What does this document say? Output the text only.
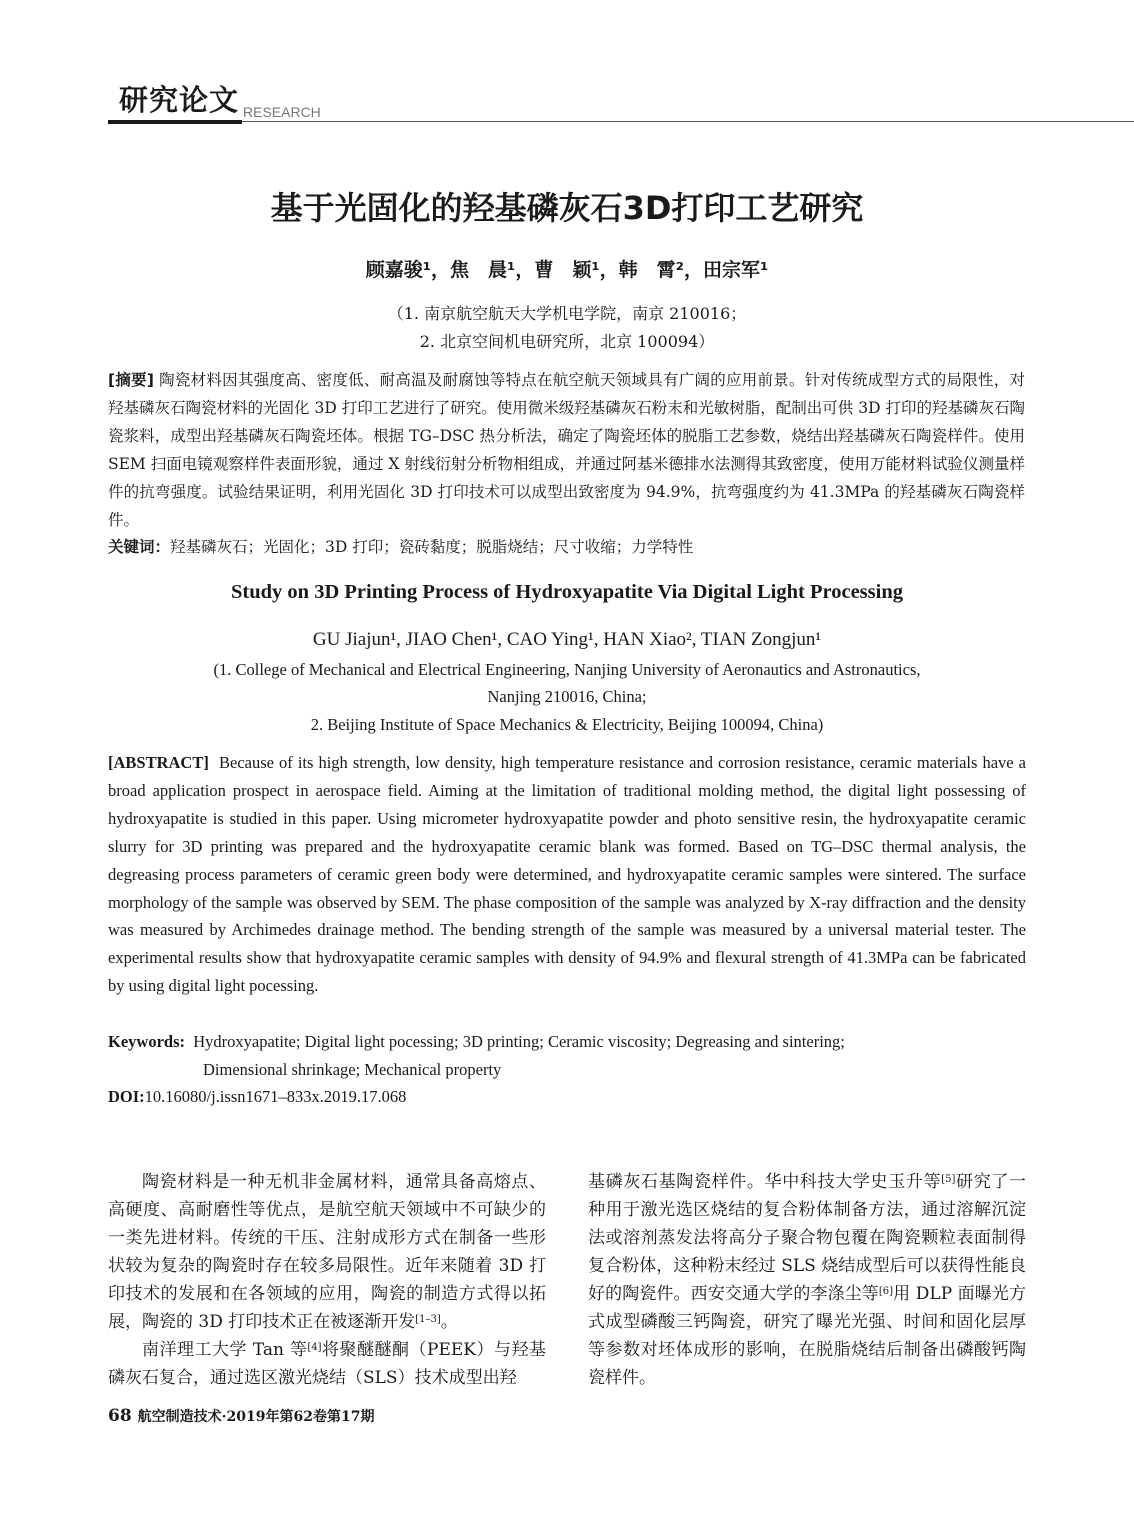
研究论文 RESEARCH
基于光固化的羟基磷灰石3D打印工艺研究
顾嘉骏¹，焦　晨¹，曹　颖¹，韩　霄²，田宗军¹
（1. 南京航空航天大学机电学院，南京 210016；
2. 北京空间机电研究所，北京 100094）
[摘要] 陶瓷材料因其强度高、密度低、耐高温及耐腐蚀等特点在航空航天领域具有广阔的应用前景。针对传统成型方式的局限性，对羟基磷灰石陶瓷材料的光固化 3D 打印工艺进行了研究。使用微米级羟基磷灰石粉末和光敏树脂，配制出可供 3D 打印的羟基磷灰石陶瓷浆料，成型出羟基磷灰石陶瓷坯体。根据 TG–DSC 热分析法，确定了陶瓷坯体的脱脂工艺参数，烧结出羟基磷灰石陶瓷样件。使用 SEM 扫面电镜观察样件表面形貌，通过 X 射线衍射分析物相组成，并通过阿基米德排水法测得其致密度，使用万能材料试验仪测量样件的抗弯强度。试验结果证明，利用光固化 3D 打印技术可以成型出致密度为 94.9%，抗弯强度约为 41.3MPa 的羟基磷灰石陶瓷样件。
关键词：羟基磷灰石；光固化；3D 打印；瓷砖黏度；脱脂烧结；尺寸收缩；力学特性
Study on 3D Printing Process of Hydroxyapatite Via Digital Light Processing
GU Jiajun¹, JIAO Chen¹, CAO Ying¹, HAN Xiao², TIAN Zongjun¹
(1. College of Mechanical and Electrical Engineering, Nanjing University of Aeronautics and Astronautics,
Nanjing 210016, China;
2. Beijing Institute of Space Mechanics & Electricity, Beijing 100094, China)
[ABSTRACT] Because of its high strength, low density, high temperature resistance and corrosion resistance, ceramic materials have a broad application prospect in aerospace field. Aiming at the limitation of traditional molding method, the digital light possessing of hydroxyapatite is studied in this paper. Using micrometer hydroxyapatite powder and photo sensitive resin, the hydroxyapatite ceramic slurry for 3D printing was prepared and the hydroxyapatite ceramic blank was formed. Based on TG–DSC thermal analysis, the degreasing process parameters of ceramic green body were determined, and hydroxyapatite ceramic samples were sintered. The surface morphology of the sample was observed by SEM. The phase composition of the sample was analyzed by X-ray diffraction and the density was measured by Archimedes drainage method. The bending strength of the sample was measured by a universal material tester. The experimental results show that hydroxyapatite ceramic samples with density of 94.9% and flexural strength of 41.3MPa can be fabricated by using digital light pocessing.
Keywords: Hydroxyapatite; Digital light pocessing; 3D printing; Ceramic viscosity; Degreasing and sintering;
Dimensional shrinkage; Mechanical property
DOI:10.16080/j.issn1671–833x.2019.17.068

陶瓷材料是一种无机非金属材料，通常具备高熔点、高硬度、高耐磨性等优点，是航空航天领域中不可缺少的一类先进材料。传统的干压、注射成形方式在制备一些形状较为复杂的陶瓷时存在较多局限性。近年来随着 3D 打印技术的发展和在各领域的应用，陶瓷的制造方式得以拓展，陶瓷的 3D 打印技术正在被逐渐开发[1–3]。

南洋理工大学 Tan 等[4]将聚醚醚酮（PEEK）与羟基磷灰石复合，通过选区激光烧结（SLS）技术成型出羟

基磷灰石基陶瓷样件。华中科技大学史玉升等[5]研究了一种用于激光选区烧结的复合粉体制备方法，通过溶解沉淀法或溶剂蒸发法将高分子聚合物包覆在陶瓷颗粒表面制得复合粉体，这种粉末经过 SLS 烧结成型后可以获得性能良好的陶瓷件。西安交通大学的李涤尘等[6]用 DLP 面曝光方式成型磷酸三钙陶瓷，研究了曝光光强、时间和固化层厚等参数对坯体成形的影响，在脱脂烧结后制备出磷酸钙陶瓷样件。

68 航空制造技术·2019年第62卷第17期
